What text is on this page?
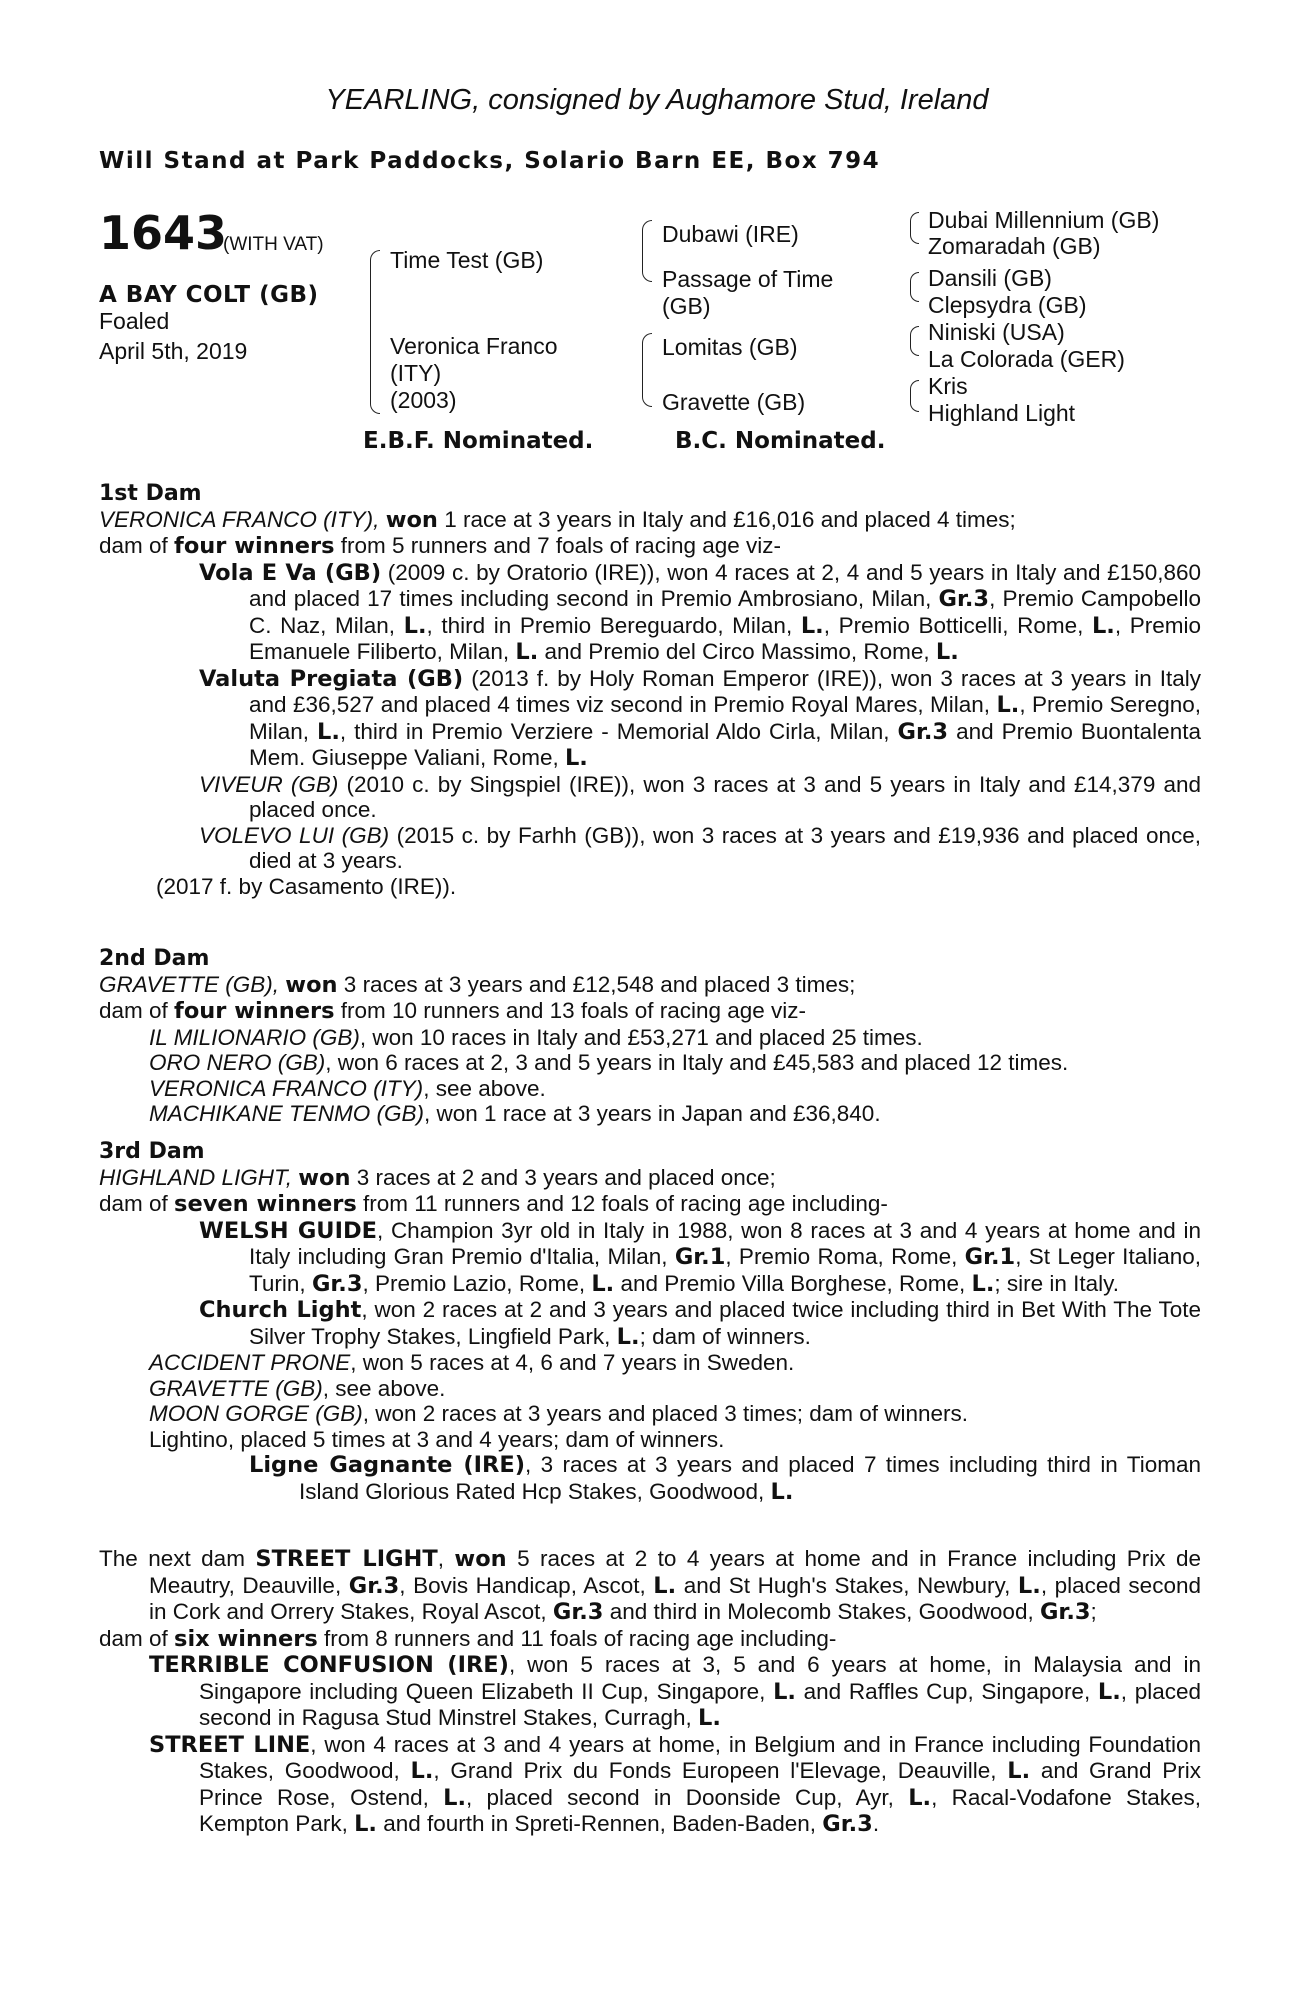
YEARLING, consigned by Aughamore Stud, Ireland
Will Stand at Park Paddocks, Solario Barn EE, Box 794
1643
(WITH VAT)
A BAY COLT (GB)
Foaled
April 5th, 2019
Time Test (GB)
Veronica Franco
(ITY)
(2003)
Dubawi (IRE)
Passage of Time
(GB)
Lomitas (GB)
Gravette (GB)
Dubai Millennium (GB)
Zomaradah (GB)
Dansili (GB)
Clepsydra (GB)
Niniski (USA)
La Colorada (GER)
Kris
Highland Light
E.B.F. Nominated.	B.C. Nominated.

1st Dam

VERONICA FRANCO (ITY), won 1 race at 3 years in Italy and £16,016 and placed 4 times;

dam of four winners from 5 runners and 7 foals of racing age viz-

Vola E Va (GB) (2009 c. by Oratorio (IRE)), won 4 races at 2, 4 and 5 years in Italy and £150,860 and placed 17 times including second in Premio Ambrosiano, Milan, Gr.3, Premio Campobello C. Naz, Milan, L., third in Premio Bereguardo, Milan, L., Premio Botticelli, Rome, L., Premio Emanuele Filiberto, Milan, L. and Premio del Circo Massimo, Rome, L.

Valuta Pregiata (GB) (2013 f. by Holy Roman Emperor (IRE)), won 3 races at 3 years in Italy and £36,527 and placed 4 times viz second in Premio Royal Mares, Milan, L., Premio Seregno, Milan, L., third in Premio Verziere - Memorial Aldo Cirla, Milan, Gr.3 and Premio Buontalenta Mem. Giuseppe Valiani, Rome, L.

VIVEUR (GB) (2010 c. by Singspiel (IRE)), won 3 races at 3 and 5 years in Italy and £14,379 and placed once.

VOLEVO LUI (GB) (2015 c. by Farhh (GB)), won 3 races at 3 years and £19,936 and placed once, died at 3 years.

(2017 f. by Casamento (IRE)).

2nd Dam

GRAVETTE (GB), won 3 races at 3 years and £12,548 and placed 3 times;

dam of four winners from 10 runners and 13 foals of racing age viz-

IL MILIONARIO (GB), won 10 races in Italy and £53,271 and placed 25 times.

ORO NERO (GB), won 6 races at 2, 3 and 5 years in Italy and £45,583 and placed 12 times.

VERONICA FRANCO (ITY), see above.

MACHIKANE TENMO (GB), won 1 race at 3 years in Japan and £36,840.

3rd Dam

HIGHLAND LIGHT, won 3 races at 2 and 3 years and placed once;

dam of seven winners from 11 runners and 12 foals of racing age including-

WELSH GUIDE, Champion 3yr old in Italy in 1988, won 8 races at 3 and 4 years at home and in Italy including Gran Premio d'Italia, Milan, Gr.1, Premio Roma, Rome, Gr.1, St Leger Italiano, Turin, Gr.3, Premio Lazio, Rome, L. and Premio Villa Borghese, Rome, L.; sire in Italy.

Church Light, won 2 races at 2 and 3 years and placed twice including third in Bet With The Tote Silver Trophy Stakes, Lingfield Park, L.; dam of winners.

ACCIDENT PRONE, won 5 races at 4, 6 and 7 years in Sweden.

GRAVETTE (GB), see above.

MOON GORGE (GB), won 2 races at 3 years and placed 3 times; dam of winners.

Lightino, placed 5 times at 3 and 4 years; dam of winners.

Ligne Gagnante (IRE), 3 races at 3 years and placed 7 times including third in Tioman Island Glorious Rated Hcp Stakes, Goodwood, L.

The next dam STREET LIGHT, won 5 races at 2 to 4 years at home and in France including Prix de Meautry, Deauville, Gr.3, Bovis Handicap, Ascot, L. and St Hugh's Stakes, Newbury, L., placed second in Cork and Orrery Stakes, Royal Ascot, Gr.3 and third in Molecomb Stakes, Goodwood, Gr.3;

dam of six winners from 8 runners and 11 foals of racing age including-

TERRIBLE CONFUSION (IRE), won 5 races at 3, 5 and 6 years at home, in Malaysia and in Singapore including Queen Elizabeth II Cup, Singapore, L. and Raffles Cup, Singapore, L., placed second in Ragusa Stud Minstrel Stakes, Curragh, L.

STREET LINE, won 4 races at 3 and 4 years at home, in Belgium and in France including Foundation Stakes, Goodwood, L., Grand Prix du Fonds Europeen l'Elevage, Deauville, L. and Grand Prix Prince Rose, Ostend, L., placed second in Doonside Cup, Ayr, L., Racal-Vodafone Stakes, Kempton Park, L. and fourth in Spreti-Rennen, Baden-Baden, Gr.3.
